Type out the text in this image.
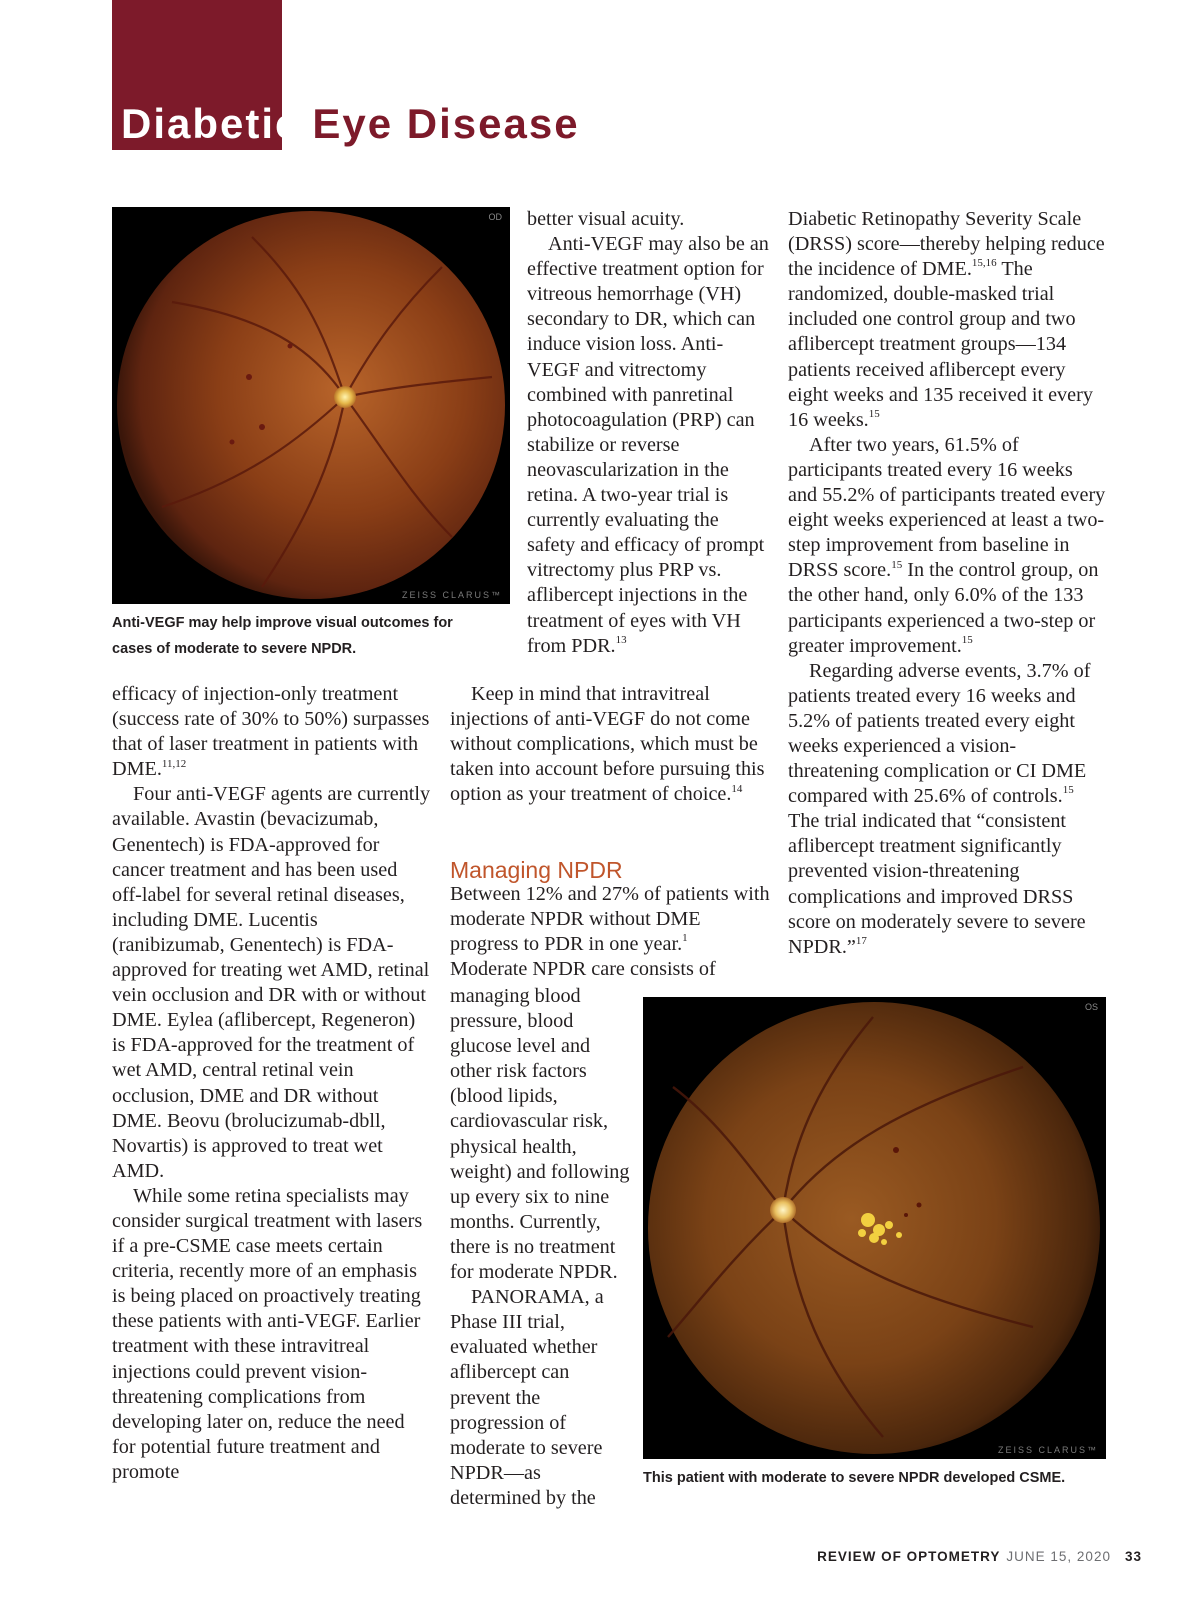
Diabetic Eye Disease
OD
ZEISS CLARUS™
Anti-VEGF may help improve visual outcomes for
cases of moderate to severe NPDR.

better visual acuity.

Anti-VEGF may also be an effective treatment option for vitreous hemorrhage (VH) secondary to DR, which can induce vision loss. Anti-VEGF and vitrectomy combined with panretinal photocoagulation (PRP) can stabilize or reverse neovascularization in the retina. A two-year trial is currently evaluating the safety and efficacy of prompt vitrectomy plus PRP vs. aflibercept injections in the treatment of eyes with VH from PDR.$^{13}$

efficacy of injection-only treatment (success rate of 30% to 50%) surpasses that of laser treatment in patients with DME.$^{11,12}$

Four anti-VEGF agents are currently available. Avastin (bevacizumab, Genentech) is FDA-approved for cancer treatment and has been used off-label for several retinal diseases, including DME. Lucentis (ranibizumab, Genentech) is FDA-approved for treating wet AMD, retinal vein occlusion and DR with or without DME. Eylea (aflibercept, Regeneron) is FDA-approved for the treatment of wet AMD, central retinal vein occlusion, DME and DR without DME. Beovu (brolucizumab-dbll, Novartis) is approved to treat wet AMD.

While some retina specialists may consider surgical treatment with lasers if a pre-CSME case meets certain criteria, recently more of an emphasis is being placed on proactively treating these patients with anti-VEGF. Earlier treatment with these intravitreal injections could prevent vision-threatening complications from developing later on, reduce the need for potential future treatment and promote

Keep in mind that intravitreal injections of anti-VEGF do not come without complications, which must be taken into account before pursuing this option as your treatment of choice.$^{14}$

Managing NPDR

Between 12% and 27% of patients with moderate NPDR without DME progress to PDR in one year.$^1$ Moderate NPDR care consists of

managing blood pressure, blood glucose level and other risk factors (blood lipids, cardiovascular risk, physical health, weight) and following up every six to nine months. Currently, there is no treatment for moderate NPDR.

PANORAMA, a Phase III trial, evaluated whether aflibercept can prevent the progression of moderate to severe NPDR—as determined by the

Diabetic Retinopathy Severity Scale (DRSS) score—thereby helping reduce the incidence of DME.$^{15,16}$ The randomized, double-masked trial included one control group and two aflibercept treatment groups—134 patients received aflibercept every eight weeks and 135 received it every 16 weeks.$^{15}$

After two years, 61.5% of participants treated every 16 weeks and 55.2% of participants treated every eight weeks experienced at least a two-step improvement from baseline in DRSS score.$^{15}$ In the control group, on the other hand, only 6.0% of the 133 participants experienced a two-step or greater improvement.$^{15}$

Regarding adverse events, 3.7% of patients treated every 16 weeks and 5.2% of patients treated every eight weeks experienced a vision-threatening complication or CI DME compared with 25.6% of controls.$^{15}$ The trial indicated that “consistent aflibercept treatment significantly prevented vision-threatening complications and improved DRSS score on moderately severe to severe NPDR.”$^{17}$

OS
ZEISS CLARUS™
This patient with moderate to severe NPDR developed CSME.
REVIEW OF OPTOMETRY JUNE 15, 2020 33
